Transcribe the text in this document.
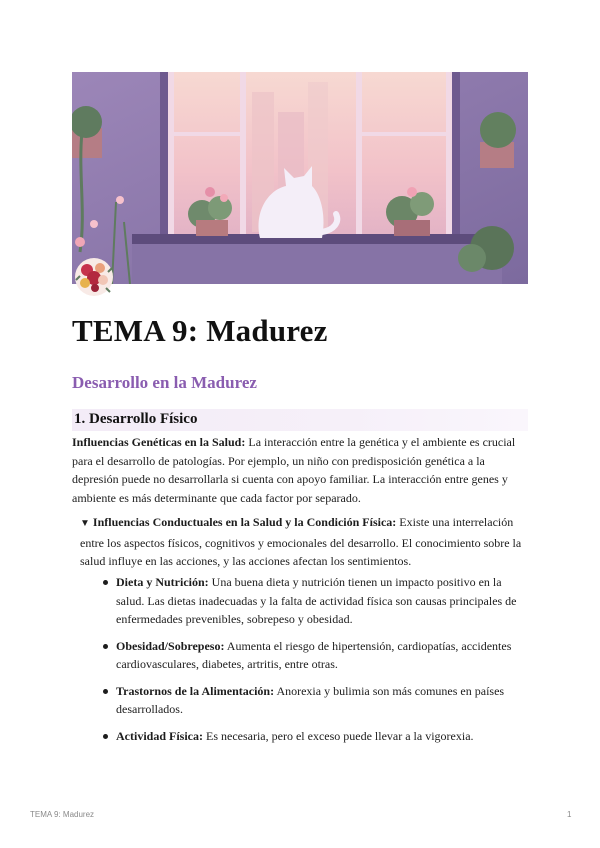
TEMA 9: Madurez
Desarrollo en la Madurez
1. Desarrollo Físico
Influencias Genéticas en la Salud: La interacción entre la genética y el ambiente es crucial para el desarrollo de patologías. Por ejemplo, un niño con predisposición genética a la depresión puede no desarrollarla si cuenta con apoyo familiar. La interacción entre genes y ambiente es más determinante que cada factor por separado.
▼ Influencias Conductuales en la Salud y la Condición Física: Existe una interrelación entre los aspectos físicos, cognitivos y emocionales del desarrollo. El conocimiento sobre la salud influye en las acciones, y las acciones afectan los sentimientos.
Dieta y Nutrición: Una buena dieta y nutrición tienen un impacto positivo en la salud. Las dietas inadecuadas y la falta de actividad física son causas principales de enfermedades prevenibles, sobrepeso y obesidad.
Obesidad/Sobrepeso: Aumenta el riesgo de hipertensión, cardiopatías, accidentes cardiovasculares, diabetes, artritis, entre otras.
Trastornos de la Alimentación: Anorexia y bulimia son más comunes en países desarrollados.
Actividad Física: Es necesaria, pero el exceso puede llevar a la vigorexia.
TEMA 9: Madurez	1
